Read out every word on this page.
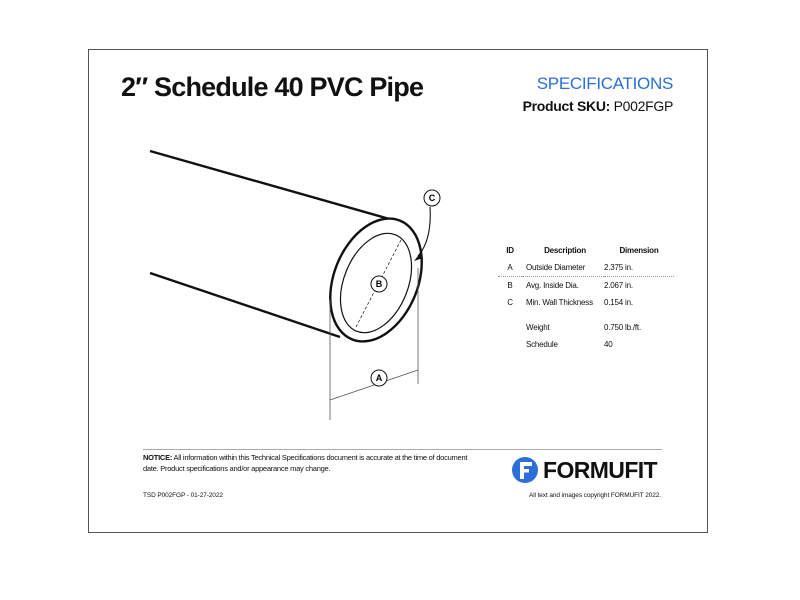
2″ Schedule 40 PVC Pipe	SPECIFICATIONS
Product SKU: P002FGP
A
B
C
ID	Description	Dimension
A	Outside Diameter	2.375 in.
B	Avg. Inside Dia.	2.067 in.
C	Min. Wall Thickness	0.154 in.

	Weight	0.750 lb./ft.
	Schedule	40
NOTICE: All information within this Technical Specifications document is accurate at the time of document date. Product specifications and/or appearance may change.	FORMUFIT
TSD P002FGP - 01-27-2022	All text and images copyright FORMUFIT 2022.
